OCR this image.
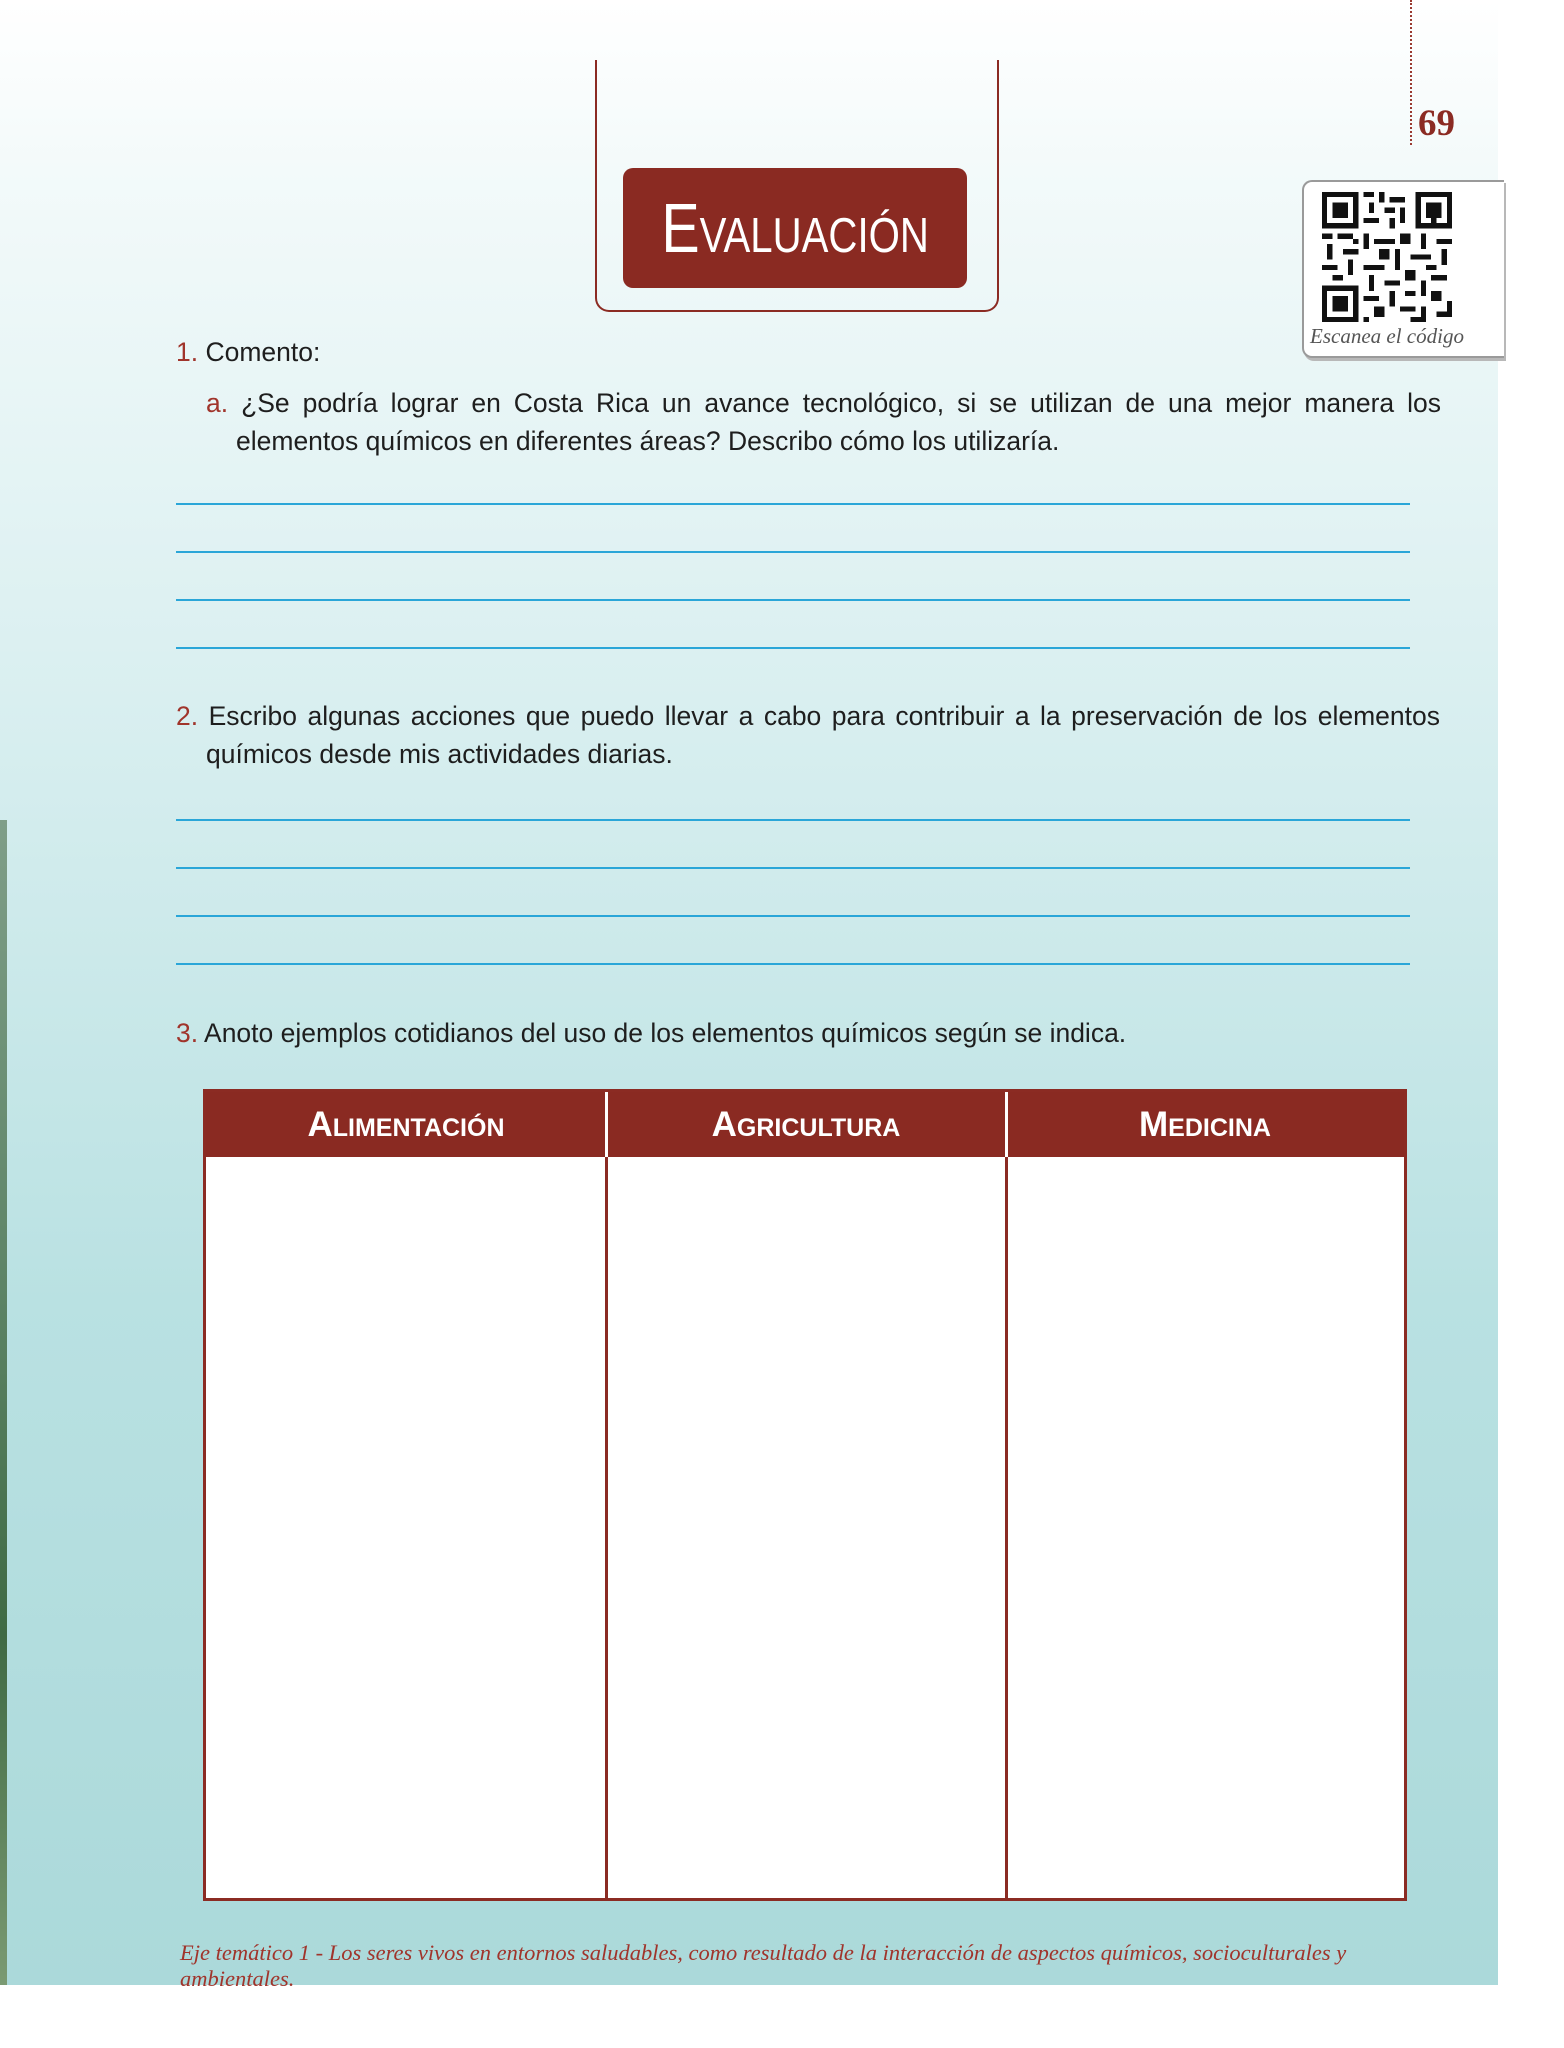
69
Evaluación
Escanea el código
1. Comento:
a. ¿Se podría lograr en Costa Rica un avance tecnológico, si se utilizan de una mejor manera los elementos químicos en diferentes áreas? Describo cómo los utilizaría.
2. Escribo algunas acciones que puedo llevar a cabo para contribuir a la preservación de los elementos químicos desde mis actividades diarias.
3. Anoto ejemplos cotidianos del uso de los elementos químicos según se indica.
Alimentación	Agricultura	Medicina
Eje temático 1 - Los seres vivos en entornos saludables, como resultado de la interacción de aspectos químicos, socioculturales y ambientales.
